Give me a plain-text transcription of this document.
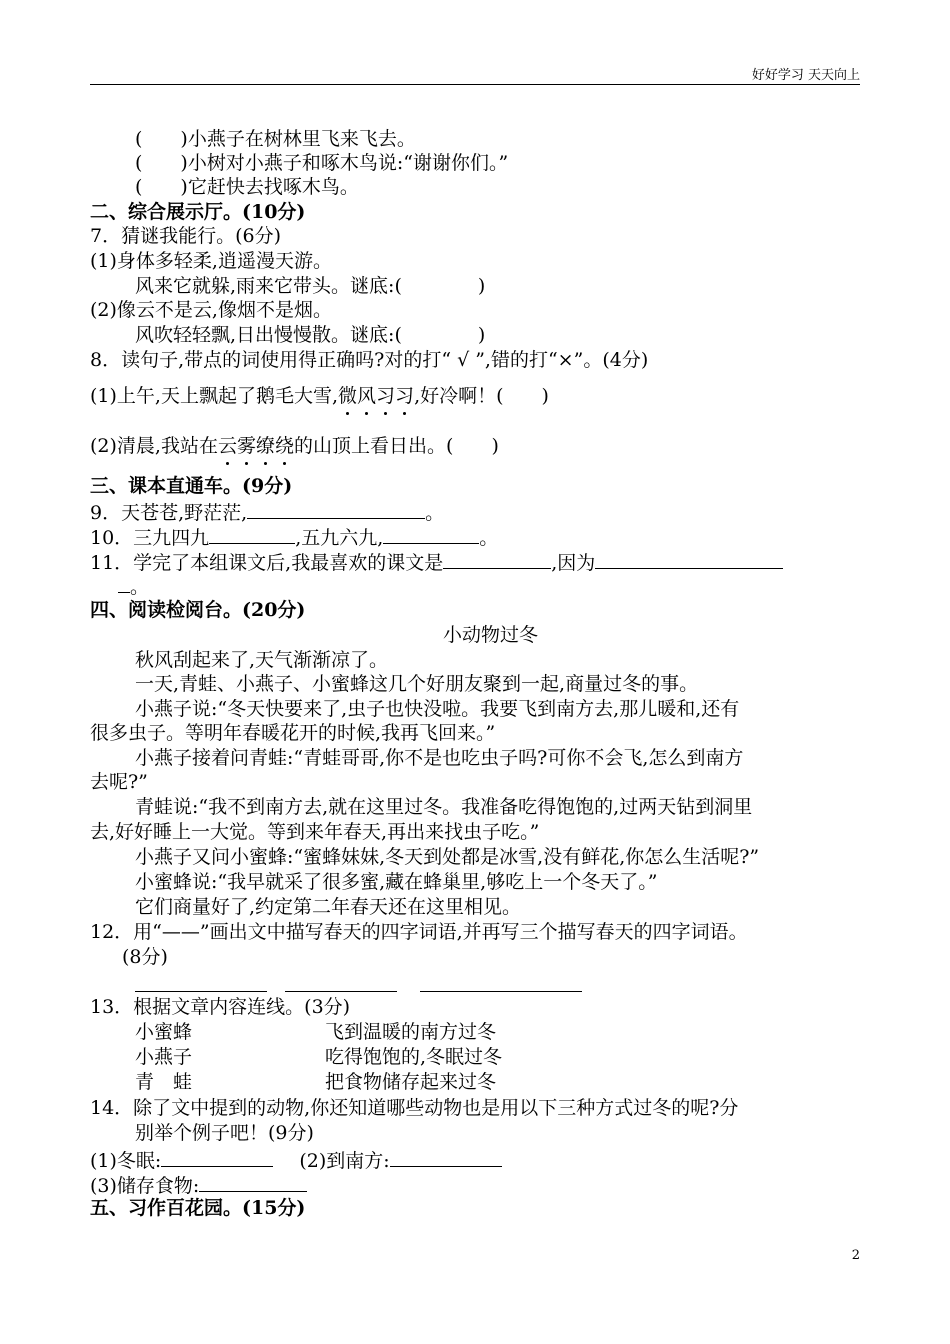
好好学习 天天向上
(　　)小燕子在树林里飞来飞去。
(　　)小树对小燕子和啄木鸟说:“谢谢你们。”
(　　)它赶快去找啄木鸟。
二、综合展示厅。(10分)
7．猜谜我能行。(6分)
(1)身体多轻柔,逍遥漫天游。
风来它就躲,雨来它带头。谜底:(　　　　)
(2)像云不是云,像烟不是烟。
风吹轻轻飘,日出慢慢散。谜底:(　　　　)
8．读句子,带点的词使用得正确吗?对的打“ √ ”,错的打“×”。(4分)
(1)上午,天上飘起了鹅毛大雪,微风习习,好冷啊！(　　)
(2)清晨,我站在云雾缭绕的山顶上看日出。(　　)
三、课本直通车。(9分)
9．天苍苍,野茫茫,	。
10．三九四九	,五九六九,	。
11．学完了本组课文后,我最喜欢的课文是	,因为
。
四、阅读检阅台。(20分)
小动物过冬
秋风刮起来了,天气渐渐凉了。
一天,青蛙、小燕子、小蜜蜂这几个好朋友聚到一起,商量过冬的事。
小燕子说:“冬天快要来了,虫子也快没啦。我要飞到南方去,那儿暖和,还有
很多虫子。等明年春暖花开的时候,我再飞回来。”
小燕子接着问青蛙:“青蛙哥哥,你不是也吃虫子吗?可你不会飞,怎么到南方
去呢?”
青蛙说:“我不到南方去,就在这里过冬。我准备吃得饱饱的,过两天钻到洞里
去,好好睡上一大觉。等到来年春天,再出来找虫子吃。”
小燕子又问小蜜蜂:“蜜蜂妹妹,冬天到处都是冰雪,没有鲜花,你怎么生活呢?”
小蜜蜂说:“我早就采了很多蜜,藏在蜂巢里,够吃上一个冬天了。”
它们商量好了,约定第二年春天还在这里相见。
12．用“——”画出文中描写春天的四字词语,并再写三个描写春天的四字词语。
(8分)
13．根据文章内容连线。(3分)
小蜜蜂	飞到温暖的南方过冬
小燕子	吃得饱饱的,冬眠过冬
青　蛙	把食物储存起来过冬
14．除了文中提到的动物,你还知道哪些动物也是用以下三种方式过冬的呢?分
别举个例子吧！(9分)
(1)冬眠:	(2)到南方:
(3)储存食物:
五、习作百花园。(15分)
2
